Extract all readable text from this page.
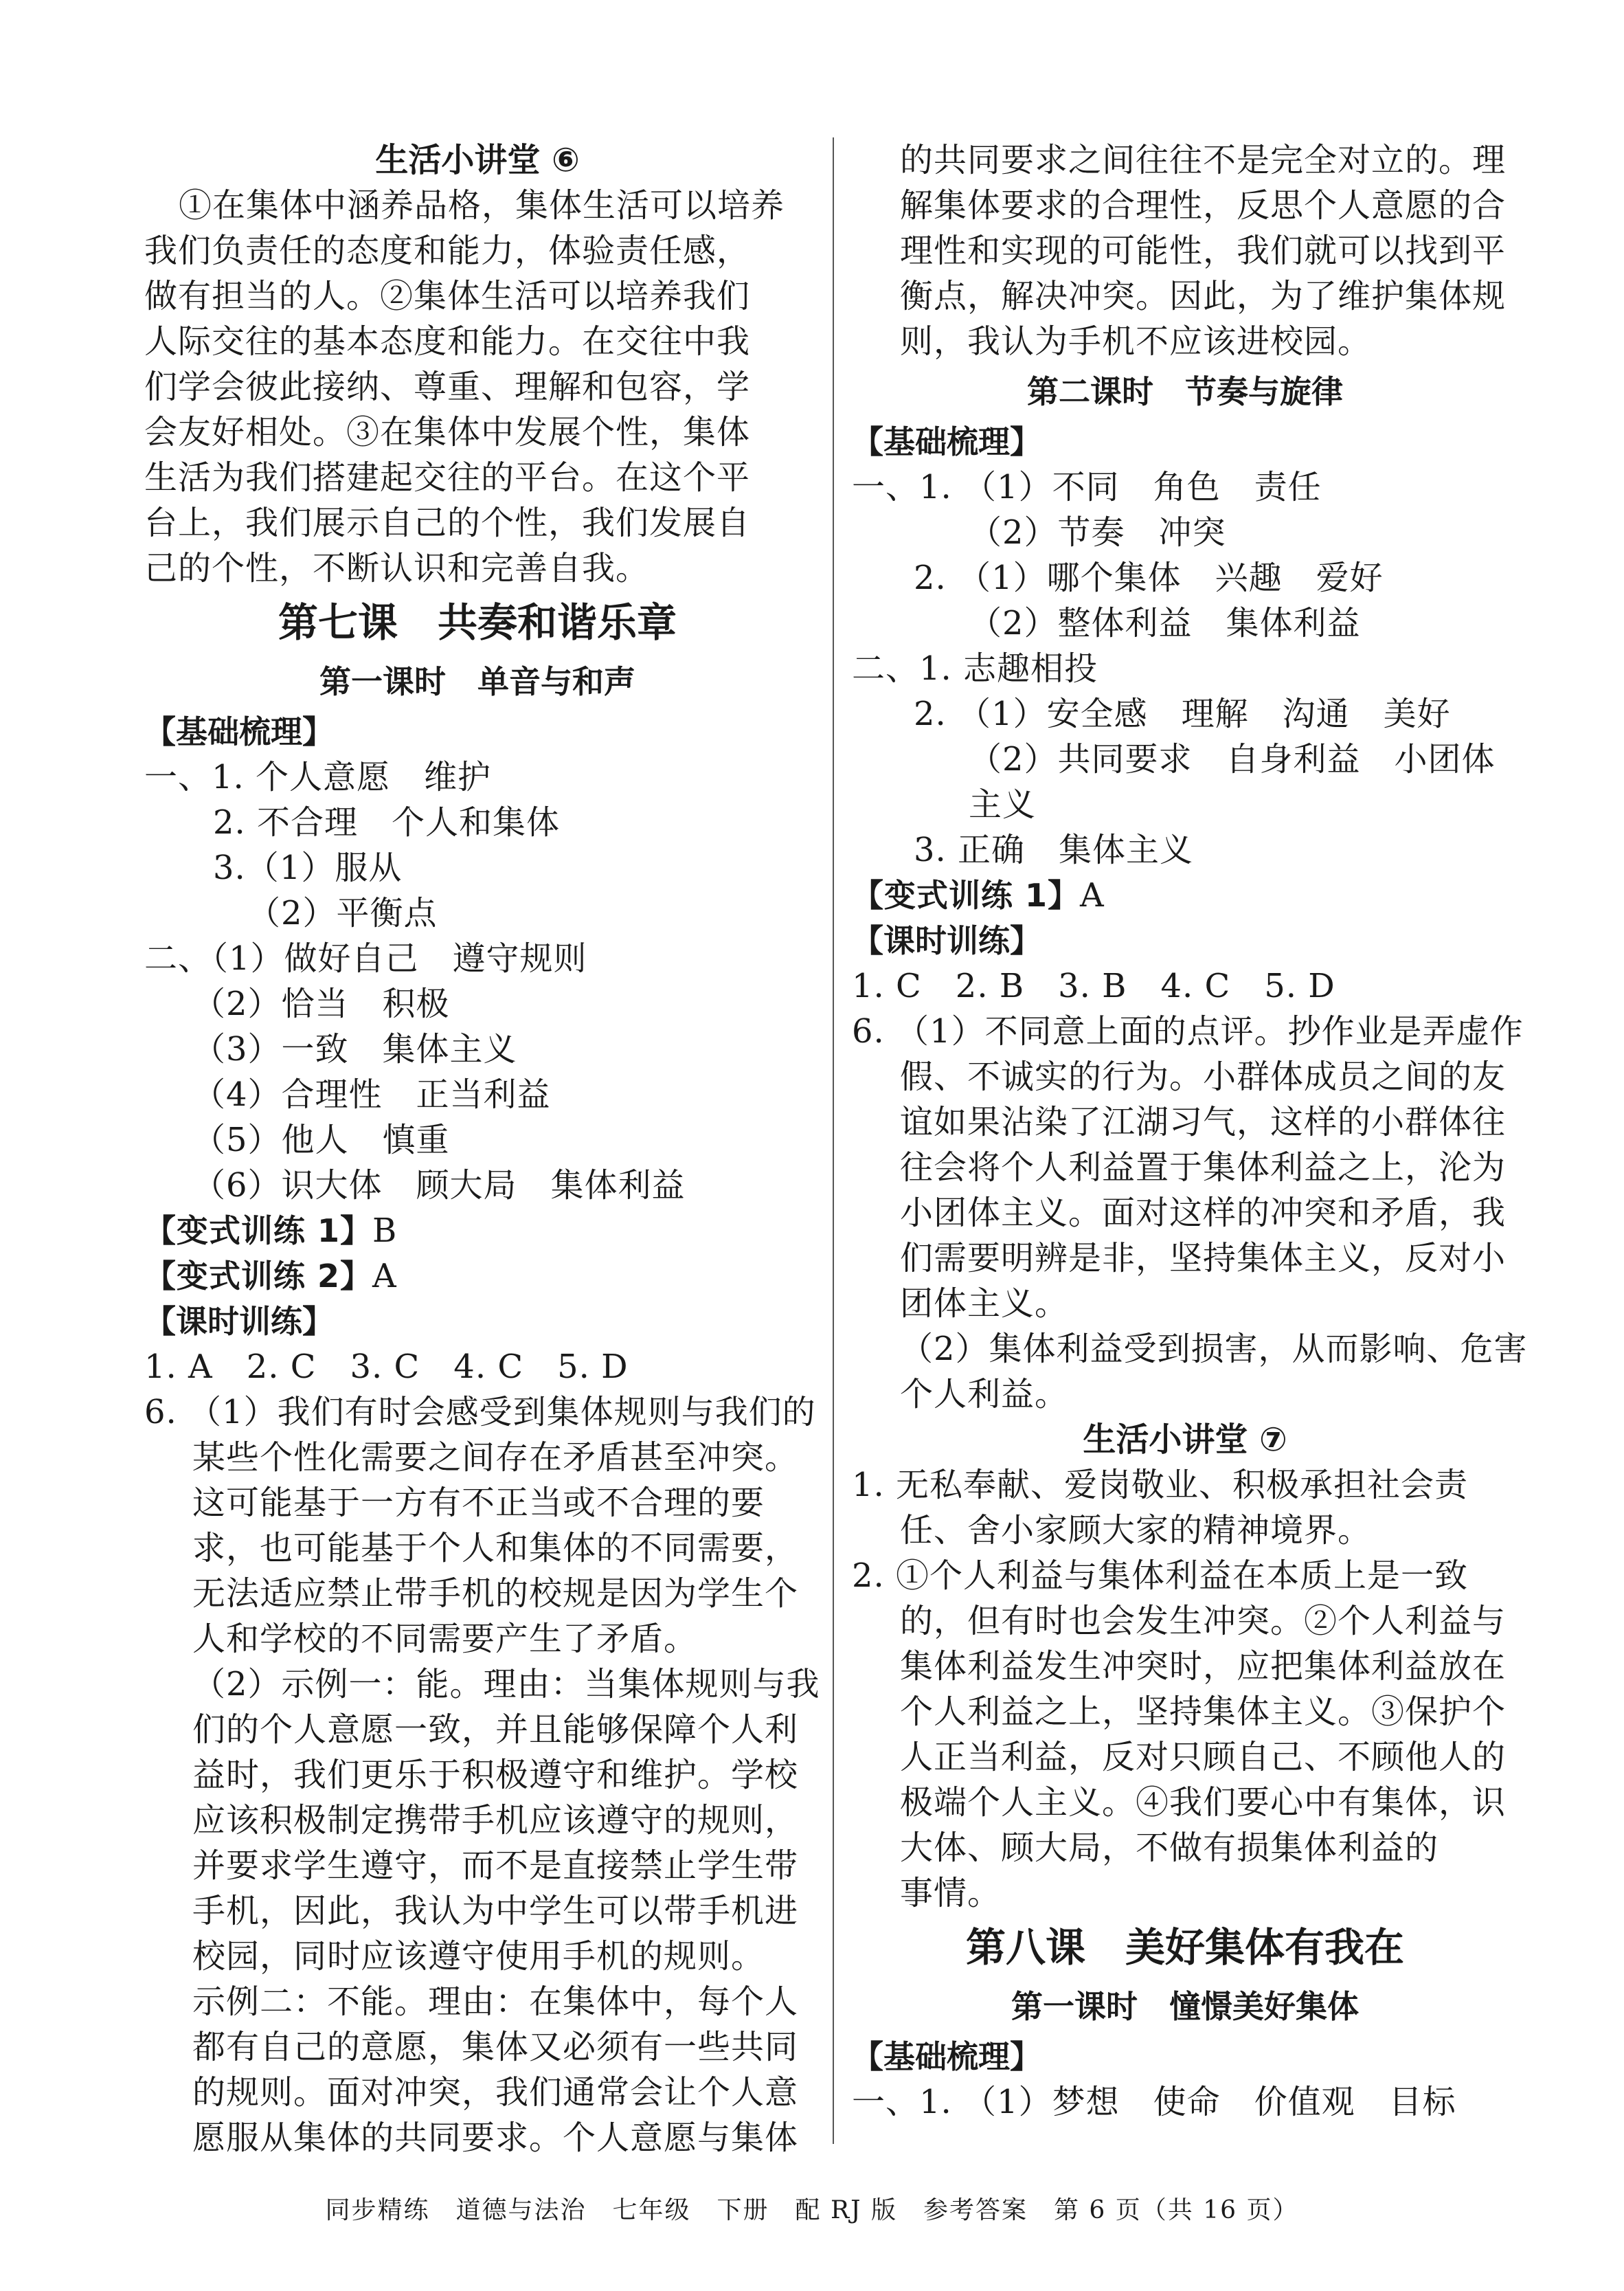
生活小讲堂 ⑥
①在集体中涵养品格，集体生活可以培养
我们负责任的态度和能力，体验责任感，
做有担当的人。②集体生活可以培养我们
人际交往的基本态度和能力。在交往中我
们学会彼此接纳、尊重、理解和包容，学
会友好相处。③在集体中发展个性，集体
生活为我们搭建起交往的平台。在这个平
台上，我们展示自己的个性，我们发展自
己的个性，不断认识和完善自我。
第七课　共奏和谐乐章
第一课时　单音与和声
【基础梳理】
一、1. 个人意愿　维护
2. 不合理　个人和集体
3.（1）服从
（2）平衡点
二、（1）做好自己　遵守规则
（2）恰当　积极
（3）一致　集体主义
（4）合理性　正当利益
（5）他人　慎重
（6）识大体　顾大局　集体利益
【变式训练 1】B
【变式训练 2】A
【课时训练】
1. A　2. C　3. C　4. C　5. D
6. （1）我们有时会感受到集体规则与我们的
某些个性化需要之间存在矛盾甚至冲突。
这可能基于一方有不正当或不合理的要
求，也可能基于个人和集体的不同需要，
无法适应禁止带手机的校规是因为学生个
人和学校的不同需要产生了矛盾。
（2）示例一：能。理由：当集体规则与我
们的个人意愿一致，并且能够保障个人利
益时，我们更乐于积极遵守和维护。学校
应该积极制定携带手机应该遵守的规则，
并要求学生遵守，而不是直接禁止学生带
手机，因此，我认为中学生可以带手机进
校园，同时应该遵守使用手机的规则。
示例二：不能。理由：在集体中，每个人
都有自己的意愿，集体又必须有一些共同
的规则。面对冲突，我们通常会让个人意
愿服从集体的共同要求。个人意愿与集体
的共同要求之间往往不是完全对立的。理
解集体要求的合理性，反思个人意愿的合
理性和实现的可能性，我们就可以找到平
衡点，解决冲突。因此，为了维护集体规
则，我认为手机不应该进校园。
第二课时　节奏与旋律
【基础梳理】
一、1. （1）不同　角色　责任
（2）节奏　冲突
2. （1）哪个集体　兴趣　爱好
（2）整体利益　集体利益
二、1. 志趣相投
2. （1）安全感　理解　沟通　美好
（2）共同要求　自身利益　小团体
主义
3. 正确　集体主义
【变式训练 1】A
【课时训练】
1. C　2. B　3. B　4. C　5. D
6. （1）不同意上面的点评。抄作业是弄虚作
假、不诚实的行为。小群体成员之间的友
谊如果沾染了江湖习气，这样的小群体往
往会将个人利益置于集体利益之上，沦为
小团体主义。面对这样的冲突和矛盾，我
们需要明辨是非，坚持集体主义，反对小
团体主义。
（2）集体利益受到损害，从而影响、危害
个人利益。
生活小讲堂 ⑦
1. 无私奉献、爱岗敬业、积极承担社会责
任、舍小家顾大家的精神境界。
2. ①个人利益与集体利益在本质上是一致
的，但有时也会发生冲突。②个人利益与
集体利益发生冲突时，应把集体利益放在
个人利益之上，坚持集体主义。③保护个
人正当利益，反对只顾自己、不顾他人的
极端个人主义。④我们要心中有集体，识
大体、顾大局，不做有损集体利益的
事情。
第八课　美好集体有我在
第一课时　憧憬美好集体
【基础梳理】
一、1. （1）梦想　使命　价值观　目标
同步精练　道德与法治　七年级　下册　配 RJ 版　参考答案　第 6 页（共 16 页）
